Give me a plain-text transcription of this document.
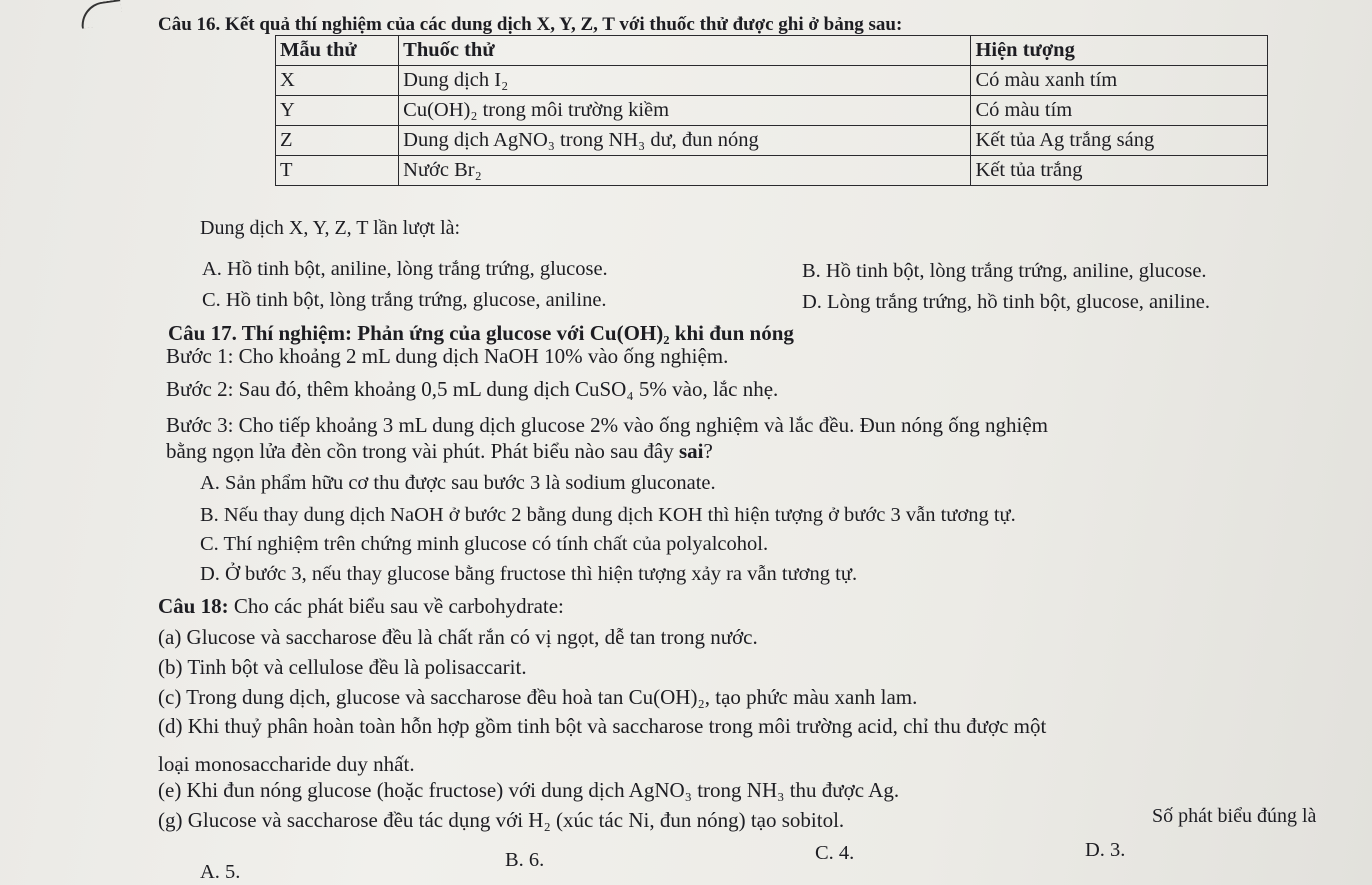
Câu 16. Kết quả thí nghiệm của các dung dịch X, Y, Z, T với thuốc thử được ghi ở bảng sau:
Mẫu thử	Thuốc thử	Hiện tượng
X	Dung dịch I₂	Có màu xanh tím
Y	Cu(OH)₂ trong môi trường kiềm	Có màu tím
Z	Dung dịch AgNO₃ trong NH₃ dư, đun nóng	Kết tủa Ag trắng sáng
T	Nước Br₂	Kết tủa trắng
Dung dịch X, Y, Z, T lần lượt là:
A. Hồ tinh bột, aniline, lòng trắng trứng, glucose.	B. Hồ tinh bột, lòng trắng trứng, aniline, glucose.
C. Hồ tinh bột, lòng trắng trứng, glucose, aniline.	D. Lòng trắng trứng, hồ tinh bột, glucose, aniline.
Câu 17. Thí nghiệm: Phản ứng của glucose với Cu(OH)₂ khi đun nóng
Bước 1: Cho khoảng 2 mL dung dịch NaOH 10% vào ống nghiệm.
Bước 2: Sau đó, thêm khoảng 0,5 mL dung dịch CuSO₄ 5% vào, lắc nhẹ.
Bước 3: Cho tiếp khoảng 3 mL dung dịch glucose 2% vào ống nghiệm và lắc đều. Đun nóng ống nghiệm
bằng ngọn lửa đèn cồn trong vài phút. Phát biểu nào sau đây sai?
A. Sản phẩm hữu cơ thu được sau bước 3 là sodium gluconate.
B. Nếu thay dung dịch NaOH ở bước 2 bằng dung dịch KOH thì hiện tượng ở bước 3 vẫn tương tự.
C. Thí nghiệm trên chứng minh glucose có tính chất của polyalcohol.
D. Ở bước 3, nếu thay glucose bằng fructose thì hiện tượng xảy ra vẫn tương tự.
Câu 18: Cho các phát biểu sau về carbohydrate:
(a) Glucose và saccharose đều là chất rắn có vị ngọt, dễ tan trong nước.
(b) Tinh bột và cellulose đều là polisaccarit.
(c) Trong dung dịch, glucose và saccharose đều hoà tan Cu(OH)₂, tạo phức màu xanh lam.
(d) Khi thuỷ phân hoàn toàn hỗn hợp gồm tinh bột và saccharose trong môi trường acid, chỉ thu được một
loại monosaccharide duy nhất.
(e) Khi đun nóng glucose (hoặc fructose) với dung dịch AgNO₃ trong NH₃ thu được Ag.
(g) Glucose và saccharose đều tác dụng với H₂ (xúc tác Ni, đun nóng) tạo sobitol.	Số phát biểu đúng là
A. 5.
B. 6.	C. 4.	D. 3.
